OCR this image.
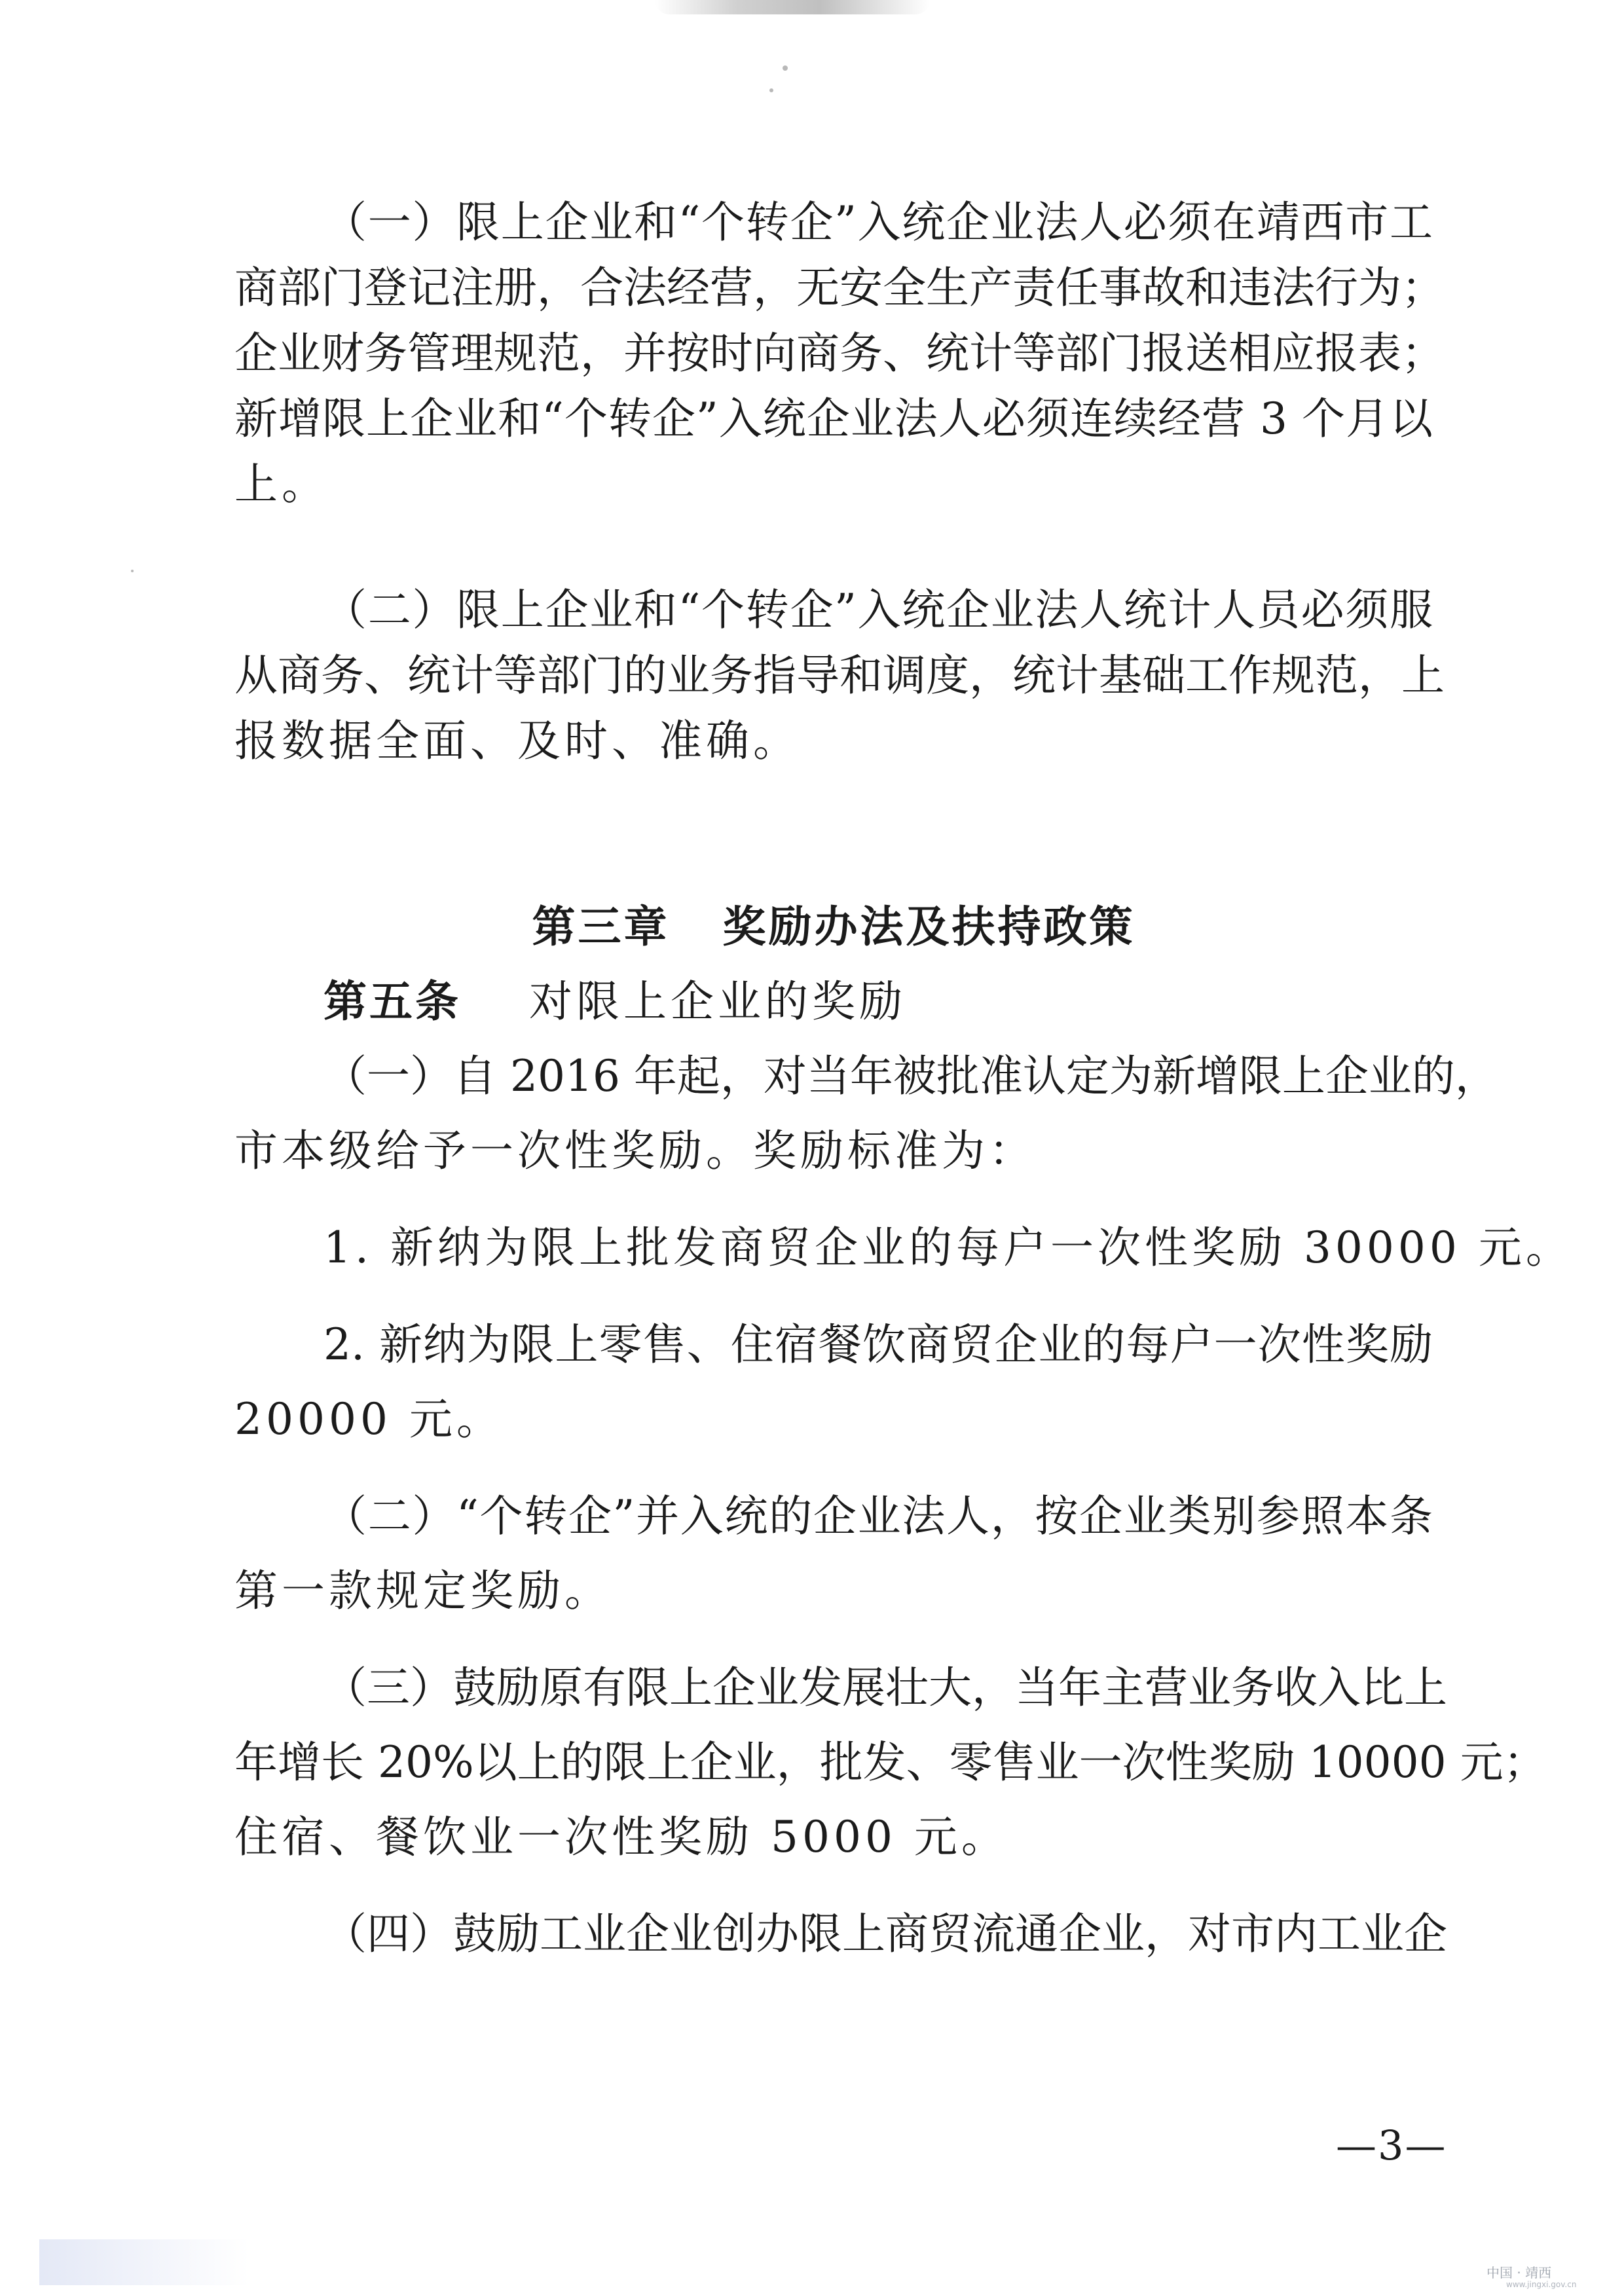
（一）限上企业和“个转企”入统企业法人必须在靖西市工
商部门登记注册，合法经营，无安全生产责任事故和违法行为；
企业财务管理规范，并按时向商务、统计等部门报送相应报表；
新增限上企业和“个转企”入统企业法人必须连续经营 3 个月以
上。
（二）限上企业和“个转企”入统企业法人统计人员必须服
从商务、统计等部门的业务指导和调度，统计基础工作规范，上
报数据全面、及时、准确。
第三章   奖励办法及扶持政策
第五条 对限上企业的奖励
（一）自 2016 年起，对当年被批准认定为新增限上企业的，
市本级给予一次性奖励。奖励标准为：
1. 新纳为限上批发商贸企业的每户一次性奖励 30000 元。
2. 新纳为限上零售、住宿餐饮商贸企业的每户一次性奖励
20000 元。
（二）“个转企”并入统的企业法人，按企业类别参照本条
第一款规定奖励。
（三）鼓励原有限上企业发展壮大，当年主营业务收入比上
年增长 20%以上的限上企业，批发、零售业一次性奖励 10000 元；
住宿、餐饮业一次性奖励 5000 元。
（四）鼓励工业企业创办限上商贸流通企业，对市内工业企
—3—
中国 · 靖西
www.jingxi.gov.cn
